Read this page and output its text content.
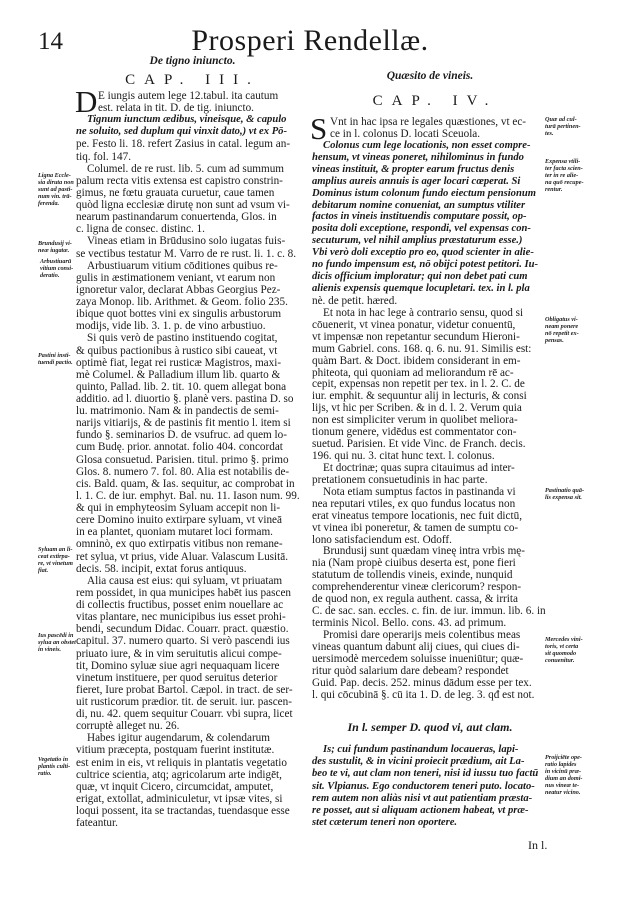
14	Prosperi Rendellæ.
De tigno iniuncto.
CAP. III.
D E iungis autem lege 12.tabul. ita cautum
est. relata in tit. D. de tig. iniuncto.
Tignum iunctum ædibus, vineisque, & capulo
ne soluito, sed duplum qui vinxit dato,) vt ex Pō-
pe. Festo li. 18. refert Zasius in catal. legum an-
tiq. fol. 147.
Columel. de re rust. lib. 5. cum ad summum
palum recta vitis extensa est capistro constrin-
gimus, ne fœtu grauata curuetur, caue tamen
quòd ligna ecclesiæ dirutę non sunt ad vsum vi-
nearum pastinandarum conuertenda, Glos. in
c. ligna de consec. distinc. 1.
Vineas etiam in Brūdusino solo iugatas fuis-
se vectibus testatur M. Varro de re rust. li. 1. c. 8.
Arbustiuarum vitium cōditiones quibus re-
gulis in æstimationem veniant, vt earum non
ignoretur valor, declarat Abbas Georgius Pez-
zaya Monop. lib. Arithmet. & Geom. folio 235.
ibique quot bottes vini ex singulis arbustorum
modijs, vide lib. 3. 1. p. de vino arbustiuo.
Si quis verò de pastino instituendo cogitat,
& quibus pactionibus à rustico sibi caueat, vt
optimè fiat, legat rei rusticæ Magistros, maxi-
mè Columel. & Palladium illum lib. quarto &
quinto, Pallad. lib. 2. tit. 10. quem allegat bona
additio. ad l. diuortio §. planè vers. pastina D. so
lu. matrimonio. Nam & in pandectis de semi-
narijs vitiarijs, & de pastinis fit mentio l. item si
fundo §. seminarios D. de vsufruc. ad quem lo-
cum Budę. prior. annotat. folio 404. concordat
Glosa consuetud. Parisien. titul. primo §. primo
Glos. 8. numero 7. fol. 80. Alia est notabilis de-
cis. Bald. quam, & Ias. sequitur, ac comprobat in
l. 1. C. de iur. emphyt. Bal. nu. 11. Iason num. 99.
& qui in emphyteosim Syluam accepit non li-
cere Domino inuito extirpare syluam, vt vineā
in ea plantet, quoniam mutaret loci formam.
omninò, ex quo extirpatis vitibus non remane-
ret sylua, vt prius, vide Aluar. Valascum Lusitā.
decis. 58. incipit, extat forus antiquus.
Alia causa est eius: qui syluam, vt priuatam
rem possidet, in qua municipes habēt ius pascen
di collectis fructibus, posset enim nouellare ac
vitas plantare, nec municipibus ius esset prohi-
bendi, secundum Didac. Couarr. pract. quæstio.
capitul. 37. numero quarto. Si verò pascendi ius
priuato iure, & in vim seruitutis alicui compe-
tit, Domino syluæ siue agri nequaquam licere
vinetum instituere, per quod seruitus deterior
fieret, Iure probat Bartol. Cæpol. in tract. de ser-
uit rusticorum prædior. tit. de seruit. iur. pascen-
di, nu. 42. quem sequitur Couarr. vbi supra, licet
corruptè alleget nu. 26.
Habes igitur augendarum, & colendarum
vitium præcepta, postquam fuerint institutæ.
est enim in eis, vt reliquis in plantatis vegetatio
cultrice scientia, atq; agricolarum arte indigēt,
quæ, vt inquit Cicero, circumcidat, amputet,
erigat, extollat, adminiculetur, vt ipsæ vites, si
loqui possent, ita se tractandas, tuendasque esse
fateantur.
Ligna Eccle-
sia diruta non
sunt ad pasti-
num vin. trā-
ferenda.
Brundusij vi-
neæ iugatæ.
Arbustiuarū
vitium consi-
deratio.
Pastini insti-
tuendi pactio.
Syluam an li-
ceat extirpa-
re, vt vinetum
fiat.
Ius pascēdi in
sylua an obstet
in vineis.
Vegetatio in
plantis culti-
ratio.
Quæsito de vineis.
CAP. IV.
S Vnt in hac ipsa re legales quæstiones, vt ec-
ce in l. colonus D. locati Sceuola.
Colonus cum lege locationis, non esset compre-
hensum, vt vineas poneret, nihilominus in fundo
vineas instituit, & propter earum fructus denis
amplius aureis annuis is ager locari cœperat. Si
Dominus istum colonum fundo eiectum pensionum
debitarum nomine conueniat, an sumptus vtiliter
factos in vineis instituendis computare possit, op-
posita doli exceptione, respondi, vel expensas con-
secuturum, vel nihil amplius præstaturum esse.)
Vbi verò doli exceptio pro eo, quod scienter in alie-
no fundo impensum est, nō obijci potest petitori. Iu-
dicis officium imploratur; qui non debet pati cum
alienis expensis quemque locupletari. tex. in l. pla
nè. de petit. hæred.
Et nota in hac lege à contrario sensu, quod si
cōuenerit, vt vinea ponatur, videtur conuentū,
vt impensæ non repetantur secundum Hieroni-
mum Gabriel. cons. 168. q. 6. nu. 91. Similis est:
quàm Bart. & Doct. ibidem considerant in em-
phiteota, qui quoniam ad meliorandum rē ac-
cepit, expensas non repetit per tex. in l. 2. C. de
iur. emphit. & sequuntur alij in lecturis, & consi
lijs, vt hic per Scriben. & in d. l. 2. Verum quia
non est simpliciter verum in quolibet meliora-
tionum genere, vidēdus est commentator con-
suetud. Parisien. Et vide Vinc. de Franch. decis.
196. qui nu. 3. citat hunc text. l. colonus.
Et doctrinæ; quas supra citauimus ad inter-
pretationem consuetudinis in hac parte.
Nota etiam sumptus factos in pastinanda vi
nea reputari vtiles, ex quo fundus locatus non
erat vineatus tempore locationis, nec fuit dictū,
vt vinea ibi poneretur, & tamen de sumptu co-
lono satisfaciendum est. Odoff.
Brundusij sunt quædam vineę intra vrbis mę-
nia (Nam propè ciuibus deserta est, pone fieri
statutum de tollendis vineis, exinde, nunquid
comprehenderentur vineæ clericorum? respon-
de quod non, ex regula authent. cassa, & irrita
C. de sac. san. eccles. c. fin. de iur. immun. lib. 6. in
terminis Nicol. Bello. cons. 43. ad primum.
Promisi dare operarijs meis colentibus meas
vineas quantum dabunt alij ciues, qui ciues di-
uersimodè mercedem soluisse inueniūtur; quæ-
ritur quòd salarium dare debeam? respondet
Guid. Pap. decis. 252. minus dādum esse per tex.
l. qui cōcubinā §. cū ita 1. D. de leg. 3. qđ est not.
In l. semper D. quod vi, aut clam.
Is; cui fundum pastinandum locaueras, lapi-
des sustulit, & in vicini proiecit prædium, ait La-
beo te vi, aut clam non teneri, nisi id iussu tuo factū
sit. Vlpianus. Ego conductorem teneri puto. locato-
rem autem non aliàs nisi vt aut patientiam præsta-
re posset, aut si aliquam actionem habeat, vt præ-
stet cæterum teneri non oportere.
In l.
Quæ ad cul-
turā pertinen-
tes.
Expensa vtili-
ter facta scien-
ter in re alie-
na quō recupe-
rentur.
Obligatus vi-
neam ponere
nō repetit ex-
pensas.
Pastinatio quā-
lis expensa sit.
Mercedes vini-
toris, vt certa
sit quomodo
conuenitur.
Proijciēte ope-
ratio lapides
in vicinū præ-
dium an domi-
nus vineæ te-
neatur vicino.
